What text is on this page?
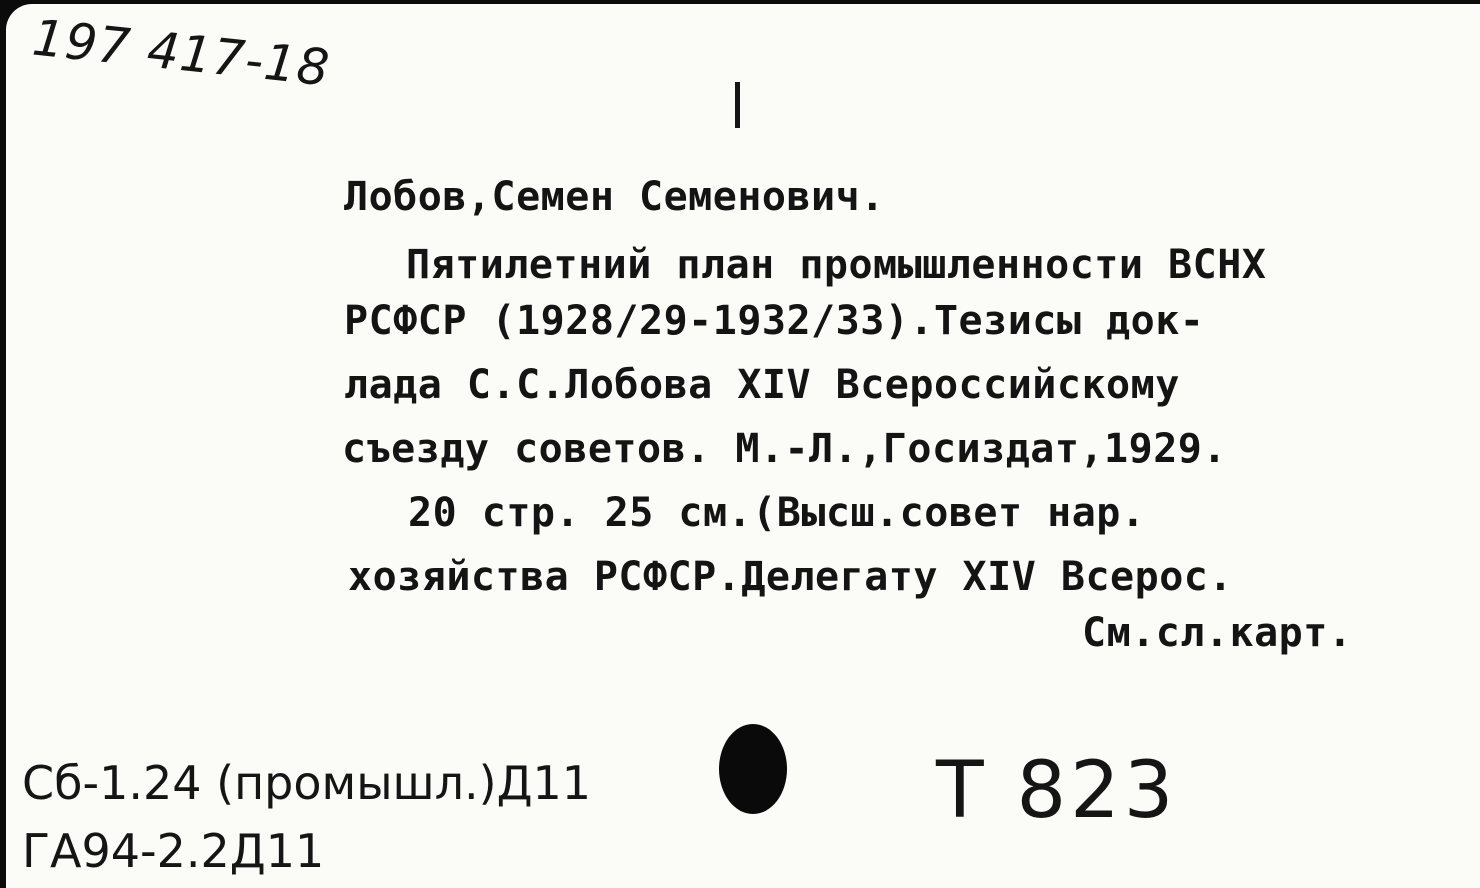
197 417-18
Лобов,Семен Семенович.
Пятилетний план промышленности ВСНХ
РСФСР (1928/29-1932/33).Тезисы док-
лада С.С.Лобова XIV Всероссийскому
съезду советов. М.-Л.,Госиздат,1929.
20 стр. 25 см.(Высш.совет нар.
хозяйства РСФСР.Делегату XIV Всерос.
См.сл.карт.
Cб-1.24 (промышл.)Д11
ГА94-2.2Д11
Т 823
